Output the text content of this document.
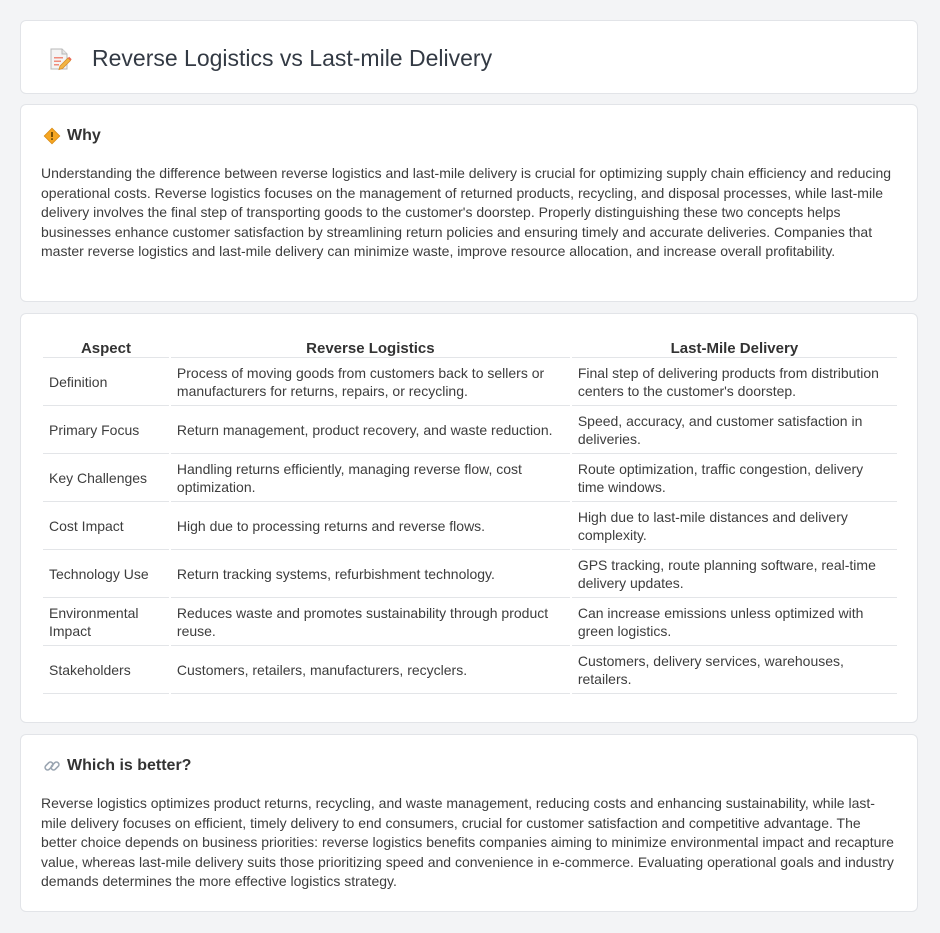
Reverse Logistics vs Last-mile Delivery
Why

Understanding the difference between reverse logistics and last-mile delivery is crucial for optimizing supply chain efficiency and reducing operational costs. Reverse logistics focuses on the management of returned products, recycling, and disposal processes, while last-mile delivery involves the final step of transporting goods to the customer's doorstep. Properly distinguishing these two concepts helps businesses enhance customer satisfaction by streamlining return policies and ensuring timely and accurate deliveries. Companies that master reverse logistics and last-mile delivery can minimize waste, improve resource allocation, and increase overall profitability.

Aspect	Reverse Logistics	Last-Mile Delivery
Definition	Process of moving goods from customers back to sellers or manufacturers for returns, repairs, or recycling.	Final step of delivering products from distribution centers to the customer's doorstep.
Primary Focus	Return management, product recovery, and waste reduction.	Speed, accuracy, and customer satisfaction in deliveries.
Key Challenges	Handling returns efficiently, managing reverse flow, cost optimization.	Route optimization, traffic congestion, delivery time windows.
Cost Impact	High due to processing returns and reverse flows.	High due to last-mile distances and delivery complexity.
Technology Use	Return tracking systems, refurbishment technology.	GPS tracking, route planning software, real-time delivery updates.
Environmental Impact	Reduces waste and promotes sustainability through product reuse.	Can increase emissions unless optimized with green logistics.
Stakeholders	Customers, retailers, manufacturers, recyclers.	Customers, delivery services, warehouses, retailers.
Which is better?

Reverse logistics optimizes product returns, recycling, and waste management, reducing costs and enhancing sustainability, while last-mile delivery focuses on efficient, timely delivery to end consumers, crucial for customer satisfaction and competitive advantage. The better choice depends on business priorities: reverse logistics benefits companies aiming to minimize environmental impact and recapture value, whereas last-mile delivery suits those prioritizing speed and convenience in e-commerce. Evaluating operational goals and industry demands determines the more effective logistics strategy.
